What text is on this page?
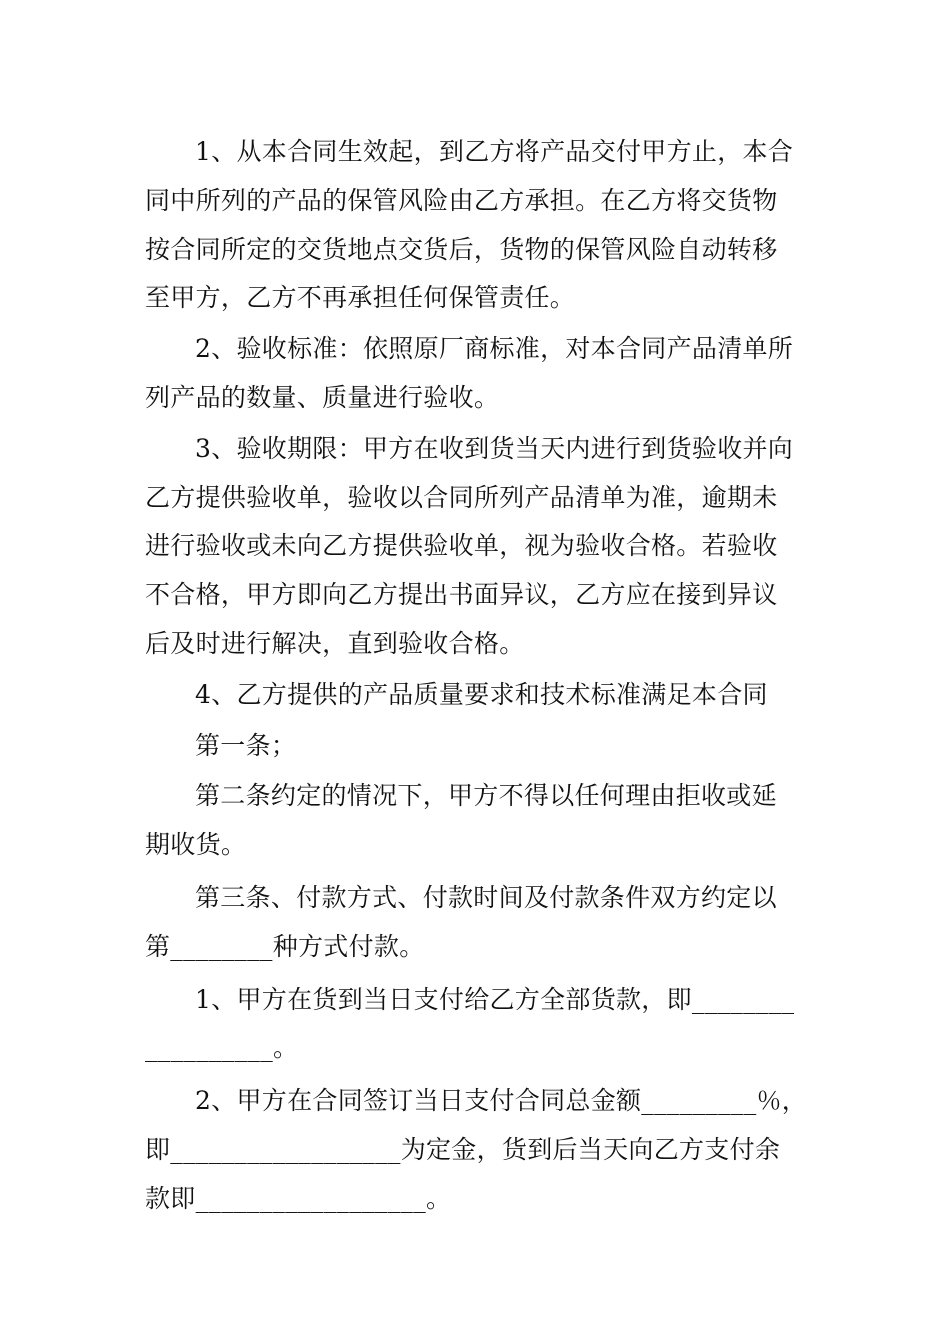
1、从本合同生效起，到乙方将产品交付甲方止，本合
同中所列的产品的保管风险由乙方承担。在乙方将交货物
按合同所定的交货地点交货后，货物的保管风险自动转移
至甲方，乙方不再承担任何保管责任。
2、验收标准：依照原厂商标准，对本合同产品清单所
列产品的数量、质量进行验收。
3、验收期限：甲方在收到货当天内进行到货验收并向
乙方提供验收单，验收以合同所列产品清单为准，逾期未
进行验收或未向乙方提供验收单，视为验收合格。若验收
不合格，甲方即向乙方提出书面异议，乙方应在接到异议
后及时进行解决，直到验收合格。
4、乙方提供的产品质量要求和技术标准满足本合同
第一条；
第二条约定的情况下，甲方不得以任何理由拒收或延
期收货。
第三条、付款方式、付款时间及付款条件双方约定以
第________种方式付款。
1、甲方在货到当日支付给乙方全部货款，即________
__________。
2、甲方在合同签订当日支付合同总金额_________％，
即__________________为定金，货到后当天向乙方支付余
款即__________________。
